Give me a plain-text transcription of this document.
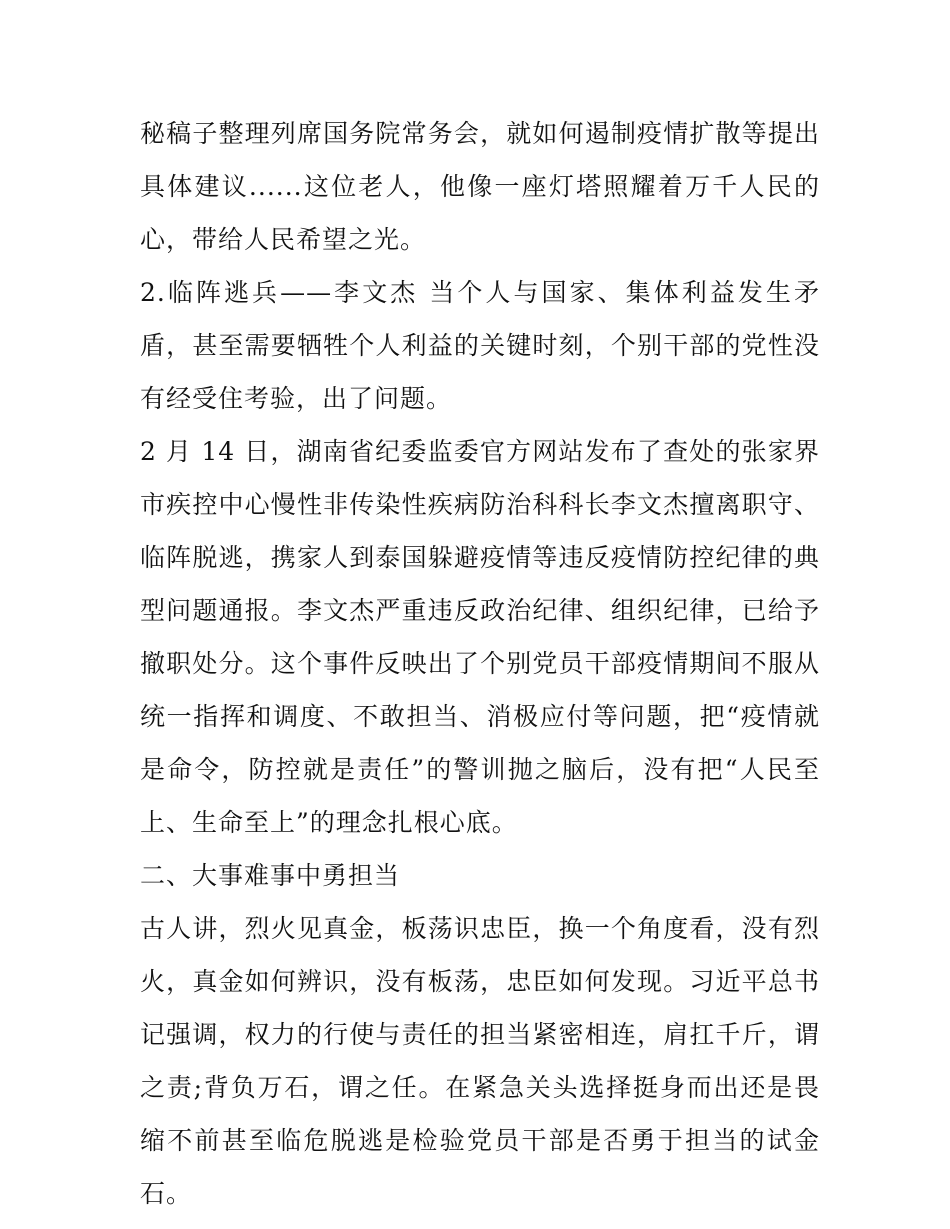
秘稿子整理列席国务院常务会，就如何遏制疫情扩散等提出具体建议......这位老人，他像一座灯塔照耀着万千人民的心，带给人民希望之光。

2.临阵逃兵——李文杰 当个人与国家、集体利益发生矛盾，甚至需要牺牲个人利益的关键时刻，个别干部的党性没有经受住考验，出了问题。

2 月 14 日，湖南省纪委监委官方网站发布了查处的张家界市疾控中心慢性非传染性疾病防治科科长李文杰擅离职守、临阵脱逃，携家人到泰国躲避疫情等违反疫情防控纪律的典型问题通报。李文杰严重违反政治纪律、组织纪律，已给予撤职处分。这个事件反映出了个别党员干部疫情期间不服从统一指挥和调度、不敢担当、消极应付等问题，把“疫情就是命令，防控就是责任”的警训抛之脑后，没有把“人民至上、生命至上”的理念扎根心底。

二、大事难事中勇担当

古人讲，烈火见真金，板荡识忠臣，换一个角度看，没有烈火，真金如何辨识，没有板荡，忠臣如何发现。习近平总书记强调，权力的行使与责任的担当紧密相连，肩扛千斤，谓之责;背负万石，谓之任。在紧急关头选择挺身而出还是畏缩不前甚至临危脱逃是检验党员干部是否勇于担当的试金石。
